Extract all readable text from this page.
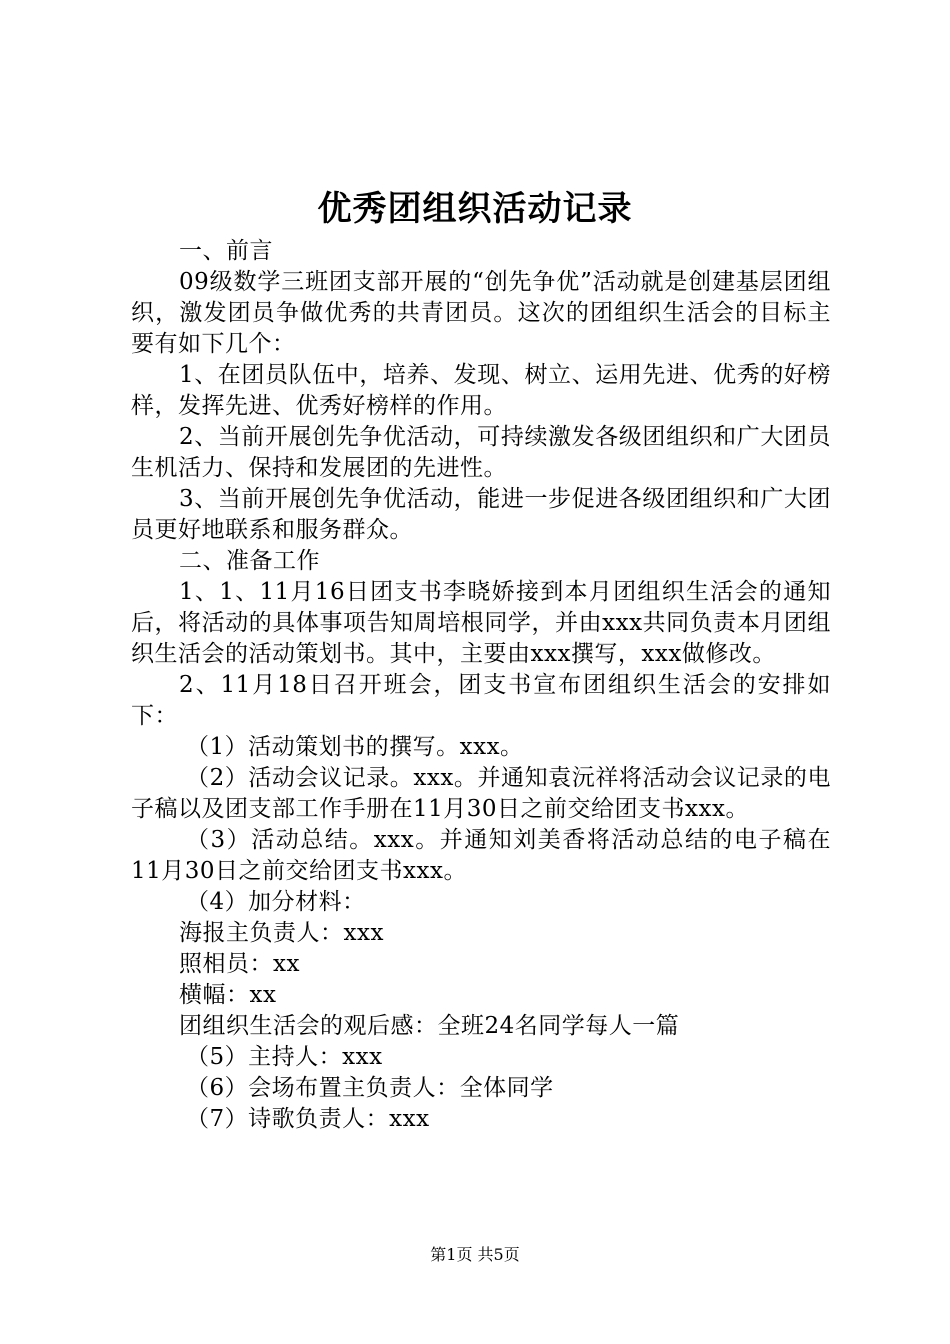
优秀团组织活动记录

一、前言

09级数学三班团支部开展的“创先争优”活动就是创建基层团组织，激发团员争做优秀的共青团员。这次的团组织生活会的目标主要有如下几个：

1、在团员队伍中，培养、发现、树立、运用先进、优秀的好榜样，发挥先进、优秀好榜样的作用。

2、当前开展创先争优活动，可持续激发各级团组织和广大团员生机活力、保持和发展团的先进性。

3、当前开展创先争优活动，能进一步促进各级团组织和广大团员更好地联系和服务群众。

二、准备工作

1、1、11月16日团支书李晓娇接到本月团组织生活会的通知后，将活动的具体事项告知周培根同学，并由xxx共同负责本月团组织生活会的活动策划书。其中，主要由xxx撰写，xxx做修改。

2、11月18日召开班会，团支书宣布团组织生活会的安排如下：

（1）活动策划书的撰写。xxx。

（2）活动会议记录。xxx。并通知袁沅祥将活动会议记录的电子稿以及团支部工作手册在11月30日之前交给团支书xxx。

（3）活动总结。xxx。并通知刘美香将活动总结的电子稿在11月30日之前交给团支书xxx。

（4）加分材料：

海报主负责人：xxx

照相员：xx

横幅：xx

团组织生活会的观后感：全班24名同学每人一篇

（5）主持人：xxx

（6）会场布置主负责人：全体同学

（7）诗歌负责人：xxx

第1页 共5页
